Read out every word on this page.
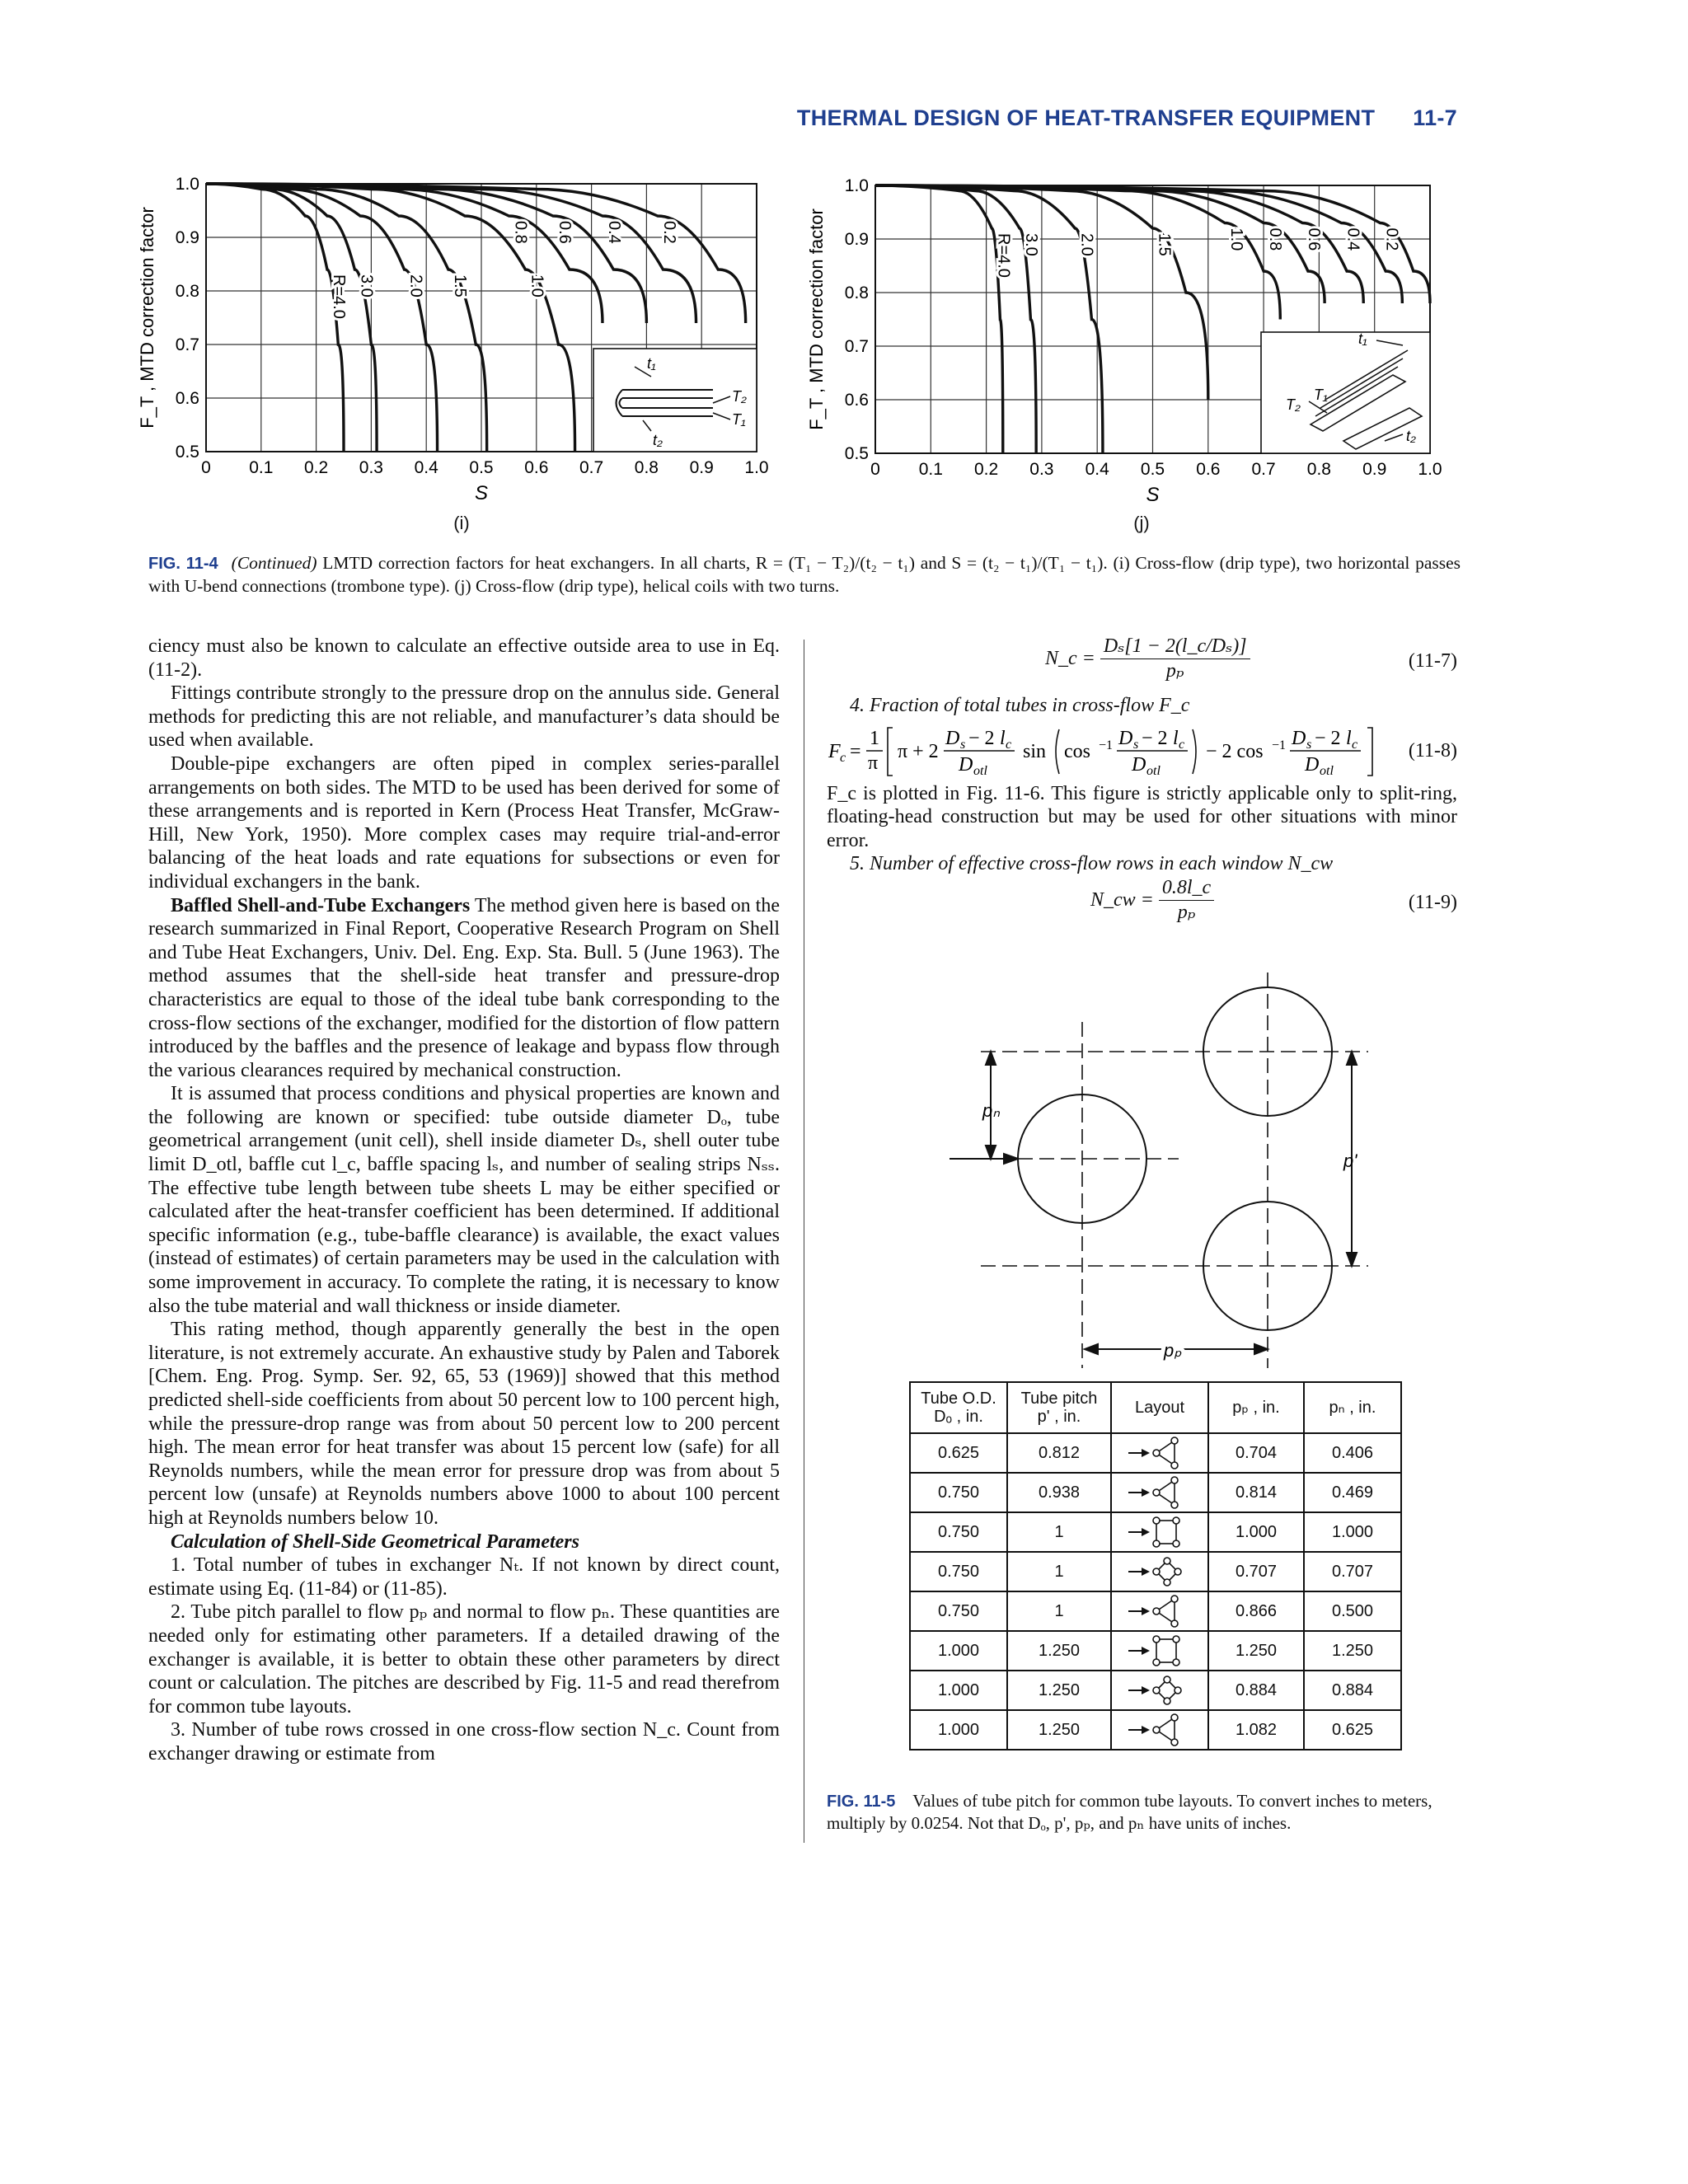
THERMAL DESIGN OF HEAT-TRANSFER EQUIPMENT 11-7
0 0.1 0.2 0.3 0.4 0.5 0.6 0.7 0.8 0.9 1.0
1.0
0.9
0.8
0.7
0.6
0.5
S
F_T , MTD correction factor	R=4.0 3.0 2.0 1.5	1.0
0.8 0.6 0.4 0.2
t₁
t₂
T₂
T₁
(i)
0 0.1 0.2 0.3 0.4 0.5 0.6 0.7 0.8 0.9 1.0
1.0
0.9
0.8
0.7
0.6
0.5
S
F_T , MTD correction factor	R=4.0 3.0 2.0	1.5	1.0 0.8 0.6 0.4 0.2
t₁
t₂
T₂
T₁
(j)
FIG. 11-4 (Continued) LMTD correction factors for heat exchangers. In all charts, R = (T₁ − T₂)/(t₂ − t₁) and S = (t₂ − t₁)/(T₁ − t₁). (i) Cross-flow (drip type), two horizontal passes with U-bend connections (trombone type). (j) Cross-flow (drip type), helical coils with two turns.

ciency must also be known to calculate an effective outside area to use in Eq. (11-2).

Fittings contribute strongly to the pressure drop on the annulus side. General methods for predicting this are not reliable, and manufacturer’s data should be used when available.

Double-pipe exchangers are often piped in complex series-parallel arrangements on both sides. The MTD to be used has been derived for some of these arrangements and is reported in Kern (Process Heat Transfer, McGraw-Hill, New York, 1950). More complex cases may require trial-and-error balancing of the heat loads and rate equations for subsections or even for individual exchangers in the bank.

Baffled Shell-and-Tube Exchangers The method given here is based on the research summarized in Final Report, Cooperative Research Program on Shell and Tube Heat Exchangers, Univ. Del. Eng. Exp. Sta. Bull. 5 (June 1963). The method assumes that the shell-side heat transfer and pressure-drop characteristics are equal to those of the ideal tube bank corresponding to the cross-flow sections of the exchanger, modified for the distortion of flow pattern introduced by the baffles and the presence of leakage and bypass flow through the various clearances required by mechanical construction.

It is assumed that process conditions and physical properties are known and the following are known or specified: tube outside diameter Dₒ, tube geometrical arrangement (unit cell), shell inside diameter Dₛ, shell outer tube limit D_otl, baffle cut l_c, baffle spacing lₛ, and number of sealing strips Nₛₛ. The effective tube length between tube sheets L may be either specified or calculated after the heat-transfer coefficient has been determined. If additional specific information (e.g., tube-baffle clearance) is available, the exact values (instead of estimates) of certain parameters may be used in the calculation with some improvement in accuracy. To complete the rating, it is necessary to know also the tube material and wall thickness or inside diameter.

This rating method, though apparently generally the best in the open literature, is not extremely accurate. An exhaustive study by Palen and Taborek [Chem. Eng. Prog. Symp. Ser. 92, 65, 53 (1969)] showed that this method predicted shell-side coefficients from about 50 percent low to 100 percent high, while the pressure-drop range was from about 50 percent low to 200 percent high. The mean error for heat transfer was about 15 percent low (safe) for all Reynolds numbers, while the mean error for pressure drop was from about 5 percent low (unsafe) at Reynolds numbers above 1000 to about 100 percent high at Reynolds numbers below 10.

Calculation of Shell-Side Geometrical Parameters

1. Total number of tubes in exchanger Nₜ. If not known by direct count, estimate using Eq. (11-84) or (11-85).

2. Tube pitch parallel to flow pₚ and normal to flow pₙ. These quantities are needed only for estimating other parameters. If a detailed drawing of the exchanger is available, it is better to obtain these other parameters by direct count or calculation. The pitches are described by Fig. 11-5 and read therefrom for common tube layouts.

3. Number of tube rows crossed in one cross-flow section N_c. Count from exchanger drawing or estimate from

N_c = $\frac{\text{Dₛ[1 − 2(l\_c/Dₛ)]}}{\text{pₚ}}$	(11-7)
4. Fraction of total tubes in cross-flow F_c
F c =
1
π
π + 2
D s − 2 l c
D otl
sin cos −1 D s − 2 l c
D otl
− 2 cos −1 D s − 2 l c
D otl
(11-8)
F_c is plotted in Fig. 11-6. This figure is strictly applicable only to split-ring, floating-head construction but may be used for other situations with minor error.
5. Number of effective cross-flow rows in each window N_cw
N_cw = $\frac{0.8l\_c}{\text{pₚ}}$	(11-9)
pₙ
p'
pₚ
Tube O.D. Dₒ , in.	Tube pitch p' , in.	Layout	pₚ , in.	pₙ , in.
0.625	0.812		0.704	0.406
0.750	0.938		0.814	0.469
0.750	1		1.000	1.000
0.750	1		0.707	0.707
0.750	1		0.866	0.500
1.000	1.250		1.250	1.250
1.000	1.250		0.884	0.884
1.000	1.250		1.082	0.625
FIG. 11-5 Values of tube pitch for common tube layouts. To convert inches to meters, multiply by 0.0254. Not that Dₒ, p', pₚ, and pₙ have units of inches.
